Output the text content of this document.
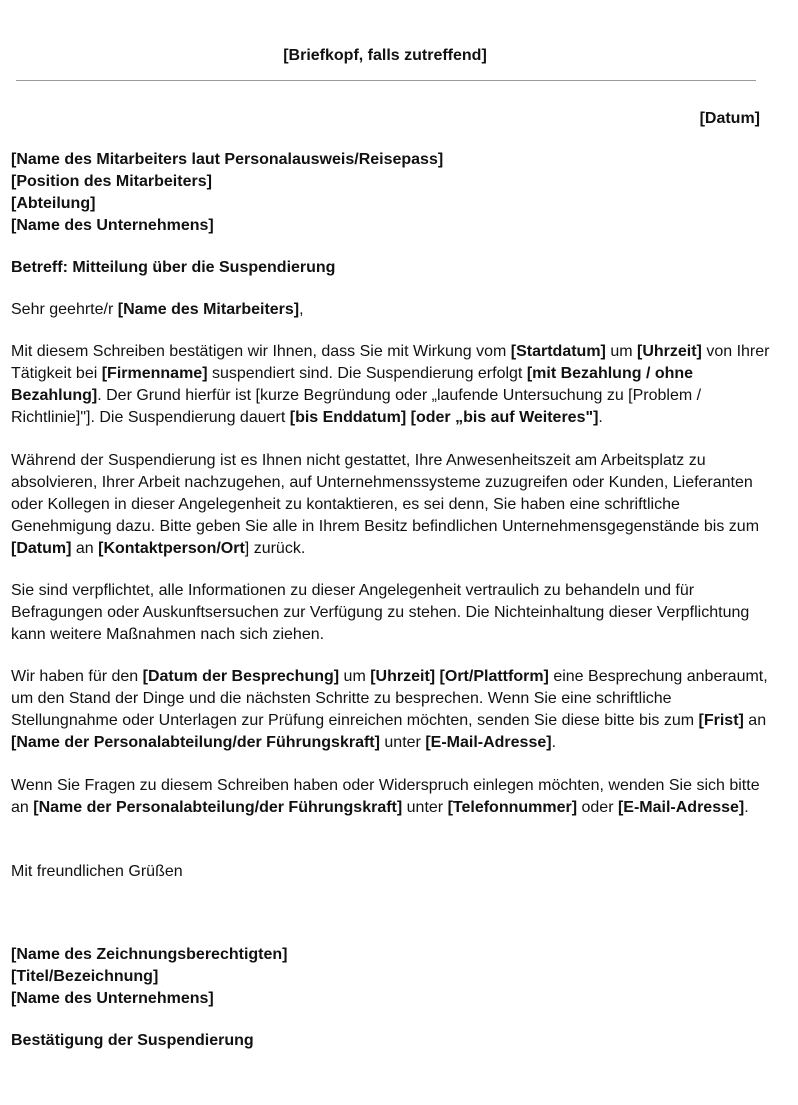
[Briefkopf, falls zutreffend]
[Datum]
[Name des Mitarbeiters laut Personalausweis/Reisepass]
[Position des Mitarbeiters]
[Abteilung]
[Name des Unternehmens]
Betreff: Mitteilung über die Suspendierung

Sehr geehrte/r [Name des Mitarbeiters],

Mit diesem Schreiben bestätigen wir Ihnen, dass Sie mit Wirkung vom [Startdatum] um [Uhrzeit] von Ihrer Tätigkeit bei [Firmenname] suspendiert sind. Die Suspendierung erfolgt [mit Bezahlung / ohne Bezahlung]. Der Grund hierfür ist [kurze Begründung oder „laufende Untersuchung zu [Problem / Richtlinie]"]. Die Suspendierung dauert [bis Enddatum] [oder „bis auf Weiteres"].

Während der Suspendierung ist es Ihnen nicht gestattet, Ihre Anwesenheitszeit am Arbeitsplatz zu absolvieren, Ihrer Arbeit nachzugehen, auf Unternehmenssysteme zuzugreifen oder Kunden, Lieferanten oder Kollegen in dieser Angelegenheit zu kontaktieren, es sei denn, Sie haben eine schriftliche Genehmigung dazu. Bitte geben Sie alle in Ihrem Besitz befindlichen Unternehmensgegenstände bis zum [Datum] an [Kontaktperson/Ort] zurück.

Sie sind verpflichtet, alle Informationen zu dieser Angelegenheit vertraulich zu behandeln und für Befragungen oder Auskunftsersuchen zur Verfügung zu stehen. Die Nichteinhaltung dieser Verpflichtung kann weitere Maßnahmen nach sich ziehen.

Wir haben für den [Datum der Besprechung] um [Uhrzeit] [Ort/Plattform] eine Besprechung anberaumt, um den Stand der Dinge und die nächsten Schritte zu besprechen. Wenn Sie eine schriftliche Stellungnahme oder Unterlagen zur Prüfung einreichen möchten, senden Sie diese bitte bis zum [Frist] an [Name der Personalabteilung/der Führungskraft] unter [E-Mail-Adresse].

Wenn Sie Fragen zu diesem Schreiben haben oder Widerspruch einlegen möchten, wenden Sie sich bitte an [Name der Personalabteilung/der Führungskraft] unter [Telefonnummer] oder [E-Mail-Adresse].

Mit freundlichen Grüßen

[Name des Zeichnungsberechtigten]
[Titel/Bezeichnung]
[Name des Unternehmens]
Bestätigung der Suspendierung
